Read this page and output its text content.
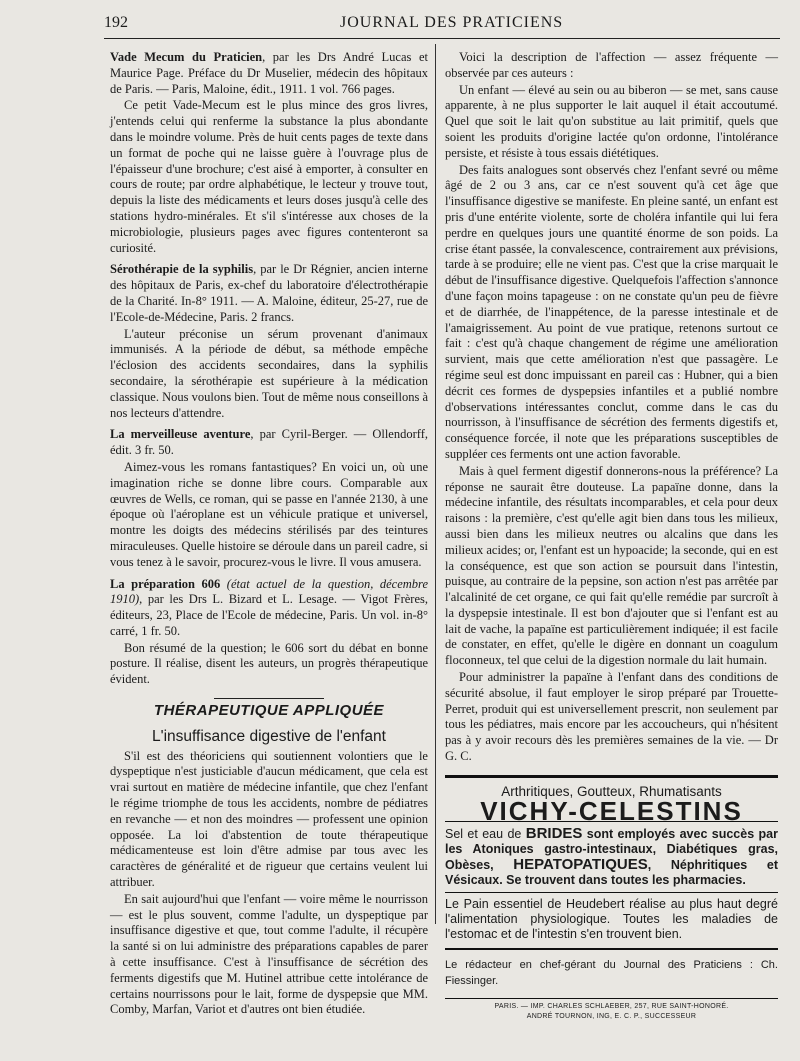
192	JOURNAL DES PRATICIENS

Vade Mecum du Praticien, par les Drs André Lucas et Maurice Page. Préface du Dr Muselier, médecin des hôpitaux de Paris. — Paris, Maloine, édit., 1911. 1 vol. 766 pages.

Ce petit Vade-Mecum est le plus mince des gros livres, j'entends celui qui renferme la substance la plus abondante dans le moindre volume. Près de huit cents pages de texte dans un format de poche qui ne laisse guère à l'ouvrage plus de l'épaisseur d'une brochure; c'est aisé à emporter, à consulter en cours de route; par ordre alphabétique, le lecteur y trouve tout, depuis la liste des médicaments et leurs doses jusqu'à celle des stations hydro-minérales. Et s'il s'intéresse aux choses de la microbiologie, plusieurs pages avec figures contenteront sa curiosité.

Sérothérapie de la syphilis, par le Dr Régnier, ancien interne des hôpitaux de Paris, ex-chef du laboratoire d'électrothérapie de la Charité. In-8° 1911. — A. Maloine, éditeur, 25-27, rue de l'Ecole-de-Médecine, Paris. 2 francs.

L'auteur préconise un sérum provenant d'animaux immunisés. A la période de début, sa méthode empêche l'éclosion des accidents secondaires, dans la syphilis secondaire, la sérothérapie est supérieure à la médication classique. Nous voulons bien. Tout de même nous conseillons à nos lecteurs d'attendre.

La merveilleuse aventure, par Cyril-Berger. — Ollendorff, édit. 3 fr. 50.

Aimez-vous les romans fantastiques? En voici un, où une imagination riche se donne libre cours. Comparable aux œuvres de Wells, ce roman, qui se passe en l'année 2130, à une époque où l'aéroplane est un véhicule pratique et universel, montre les doigts des médecins stérilisés par des teintures miraculeuses. Quelle histoire se déroule dans un pareil cadre, si vous tenez à le savoir, procurez-vous le livre. Il vous amusera.

La préparation 606 (état actuel de la question, décembre 1910), par les Drs L. Bizard et L. Lesage. — Vigot Frères, éditeurs, 23, Place de l'Ecole de médecine, Paris. Un vol. in-8° carré, 1 fr. 50.

Bon résumé de la question; le 606 sort du débat en bonne posture. Il réalise, disent les auteurs, un progrès thérapeutique évident.

THÉRAPEUTIQUE APPLIQUÉE
L'insuffisance digestive de l'enfant

S'il est des théoriciens qui soutiennent volontiers que le dyspeptique n'est justiciable d'aucun médicament, que cela est vrai surtout en matière de médecine infantile, que chez l'enfant le régime triomphe de tous les accidents, nombre de pédiatres en revanche — et non des moindres — professent une opinion opposée. La loi d'abstention de toute thérapeutique médicamenteuse est loin d'être admise par tous avec les caractères de généralité et de rigueur que certains veulent lui attribuer.

En sait aujourd'hui que l'enfant — voire même le nourrisson — est le plus souvent, comme l'adulte, un dyspeptique par insuffisance digestive et que, tout comme l'adulte, il récupère la santé si on lui administre des préparations capables de parer à cette insuffisance. C'est à l'insuffisance de sécrétion des ferments digestifs que M. Hutinel attribue cette intolérance de certains nourrissons pour le lait, forme de dyspepsie que MM. Comby, Marfan, Variot et d'autres ont bien étudiée.

Voici la description de l'affection — assez fréquente — observée par ces auteurs :

Un enfant — élevé au sein ou au biberon — se met, sans cause apparente, à ne plus supporter le lait auquel il était accoutumé. Quel que soit le lait qu'on substitue au lait primitif, quels que soient les produits d'origine lactée qu'on ordonne, l'intolérance persiste, et résiste à tous essais diététiques.

Des faits analogues sont observés chez l'enfant sevré ou même âgé de 2 ou 3 ans, car ce n'est souvent qu'à cet âge que l'insuffisance digestive se manifeste. En pleine santé, un enfant est pris d'une entérite violente, sorte de choléra infantile qui lui fera perdre en quelques jours une quantité énorme de son poids. La crise étant passée, la convalescence, contrairement aux prévisions, tarde à se produire; elle ne vient pas. C'est que la crise marquait le début de l'insuffisance digestive. Quelquefois l'affection s'annonce d'une façon moins tapageuse : on ne constate qu'un peu de fièvre et de diarrhée, de l'inappétence, de la paresse intestinale et de l'amaigrissement. Au point de vue pratique, retenons surtout ce fait : c'est qu'à chaque changement de régime une amélioration survient, mais que cette amélioration n'est que passagère. Le régime seul est donc impuissant en pareil cas : Hubner, qui a bien décrit ces formes de dyspepsies infantiles et a publié nombre d'observations intéressantes conclut, comme dans le cas du nourrisson, à l'insuffisance de sécrétion des ferments digestifs et, conséquence forcée, il note que les préparations susceptibles de suppléer ces ferments ont une action favorable.

Mais à quel ferment digestif donnerons-nous la préférence? La réponse ne saurait être douteuse. La papaïne donne, dans la médecine infantile, des résultats incomparables, et cela pour deux raisons : la première, c'est qu'elle agit bien dans tous les milieux, aussi bien dans les milieux neutres ou alcalins que dans les milieux acides; or, l'enfant est un hypoacide; la seconde, qui en est la conséquence, est que son action se poursuit dans l'intestin, puisque, au contraire de la pepsine, son action n'est pas arrêtée par l'alcalinité de cet organe, ce qui fait qu'elle remédie par surcroît à la dyspepsie intestinale. Il est bon d'ajouter que si l'enfant est au lait de vache, la papaïne est particulièrement indiquée; il est facile de constater, en effet, qu'elle le digère en donnant un coagulum floconneux, tel que celui de la digestion normale du lait humain.

Pour administrer la papaïne à l'enfant dans des conditions de sécurité absolue, il faut employer le sirop préparé par Trouette-Perret, produit qui est universellement prescrit, non seulement par tous les pédiatres, mais encore par les accoucheurs, qui n'hésitent pas à y avoir recours dès les premières semaines de la vie. — Dr G. C.

Arthritiques, Goutteux, Rhumatisants
VICHY-CELESTINS
Sel et eau de BRIDES sont employés avec succès par les Atoniques gastro-intestinaux, Diabétiques gras, Obèses, HEPATOPATIQUES, Néphritiques et Vésicaux. Se trouvent dans toutes les pharmacies.
Le Pain essentiel de Heudebert réalise au plus haut degré l'alimentation physiologique. Toutes les maladies de l'estomac et de l'intestin s'en trouvent bien.
Le rédacteur en chef-gérant du Journal des Praticiens : Ch. Fiessinger.
PARIS. — IMP. CHARLES SCHLAEBER, 257, RUE SAINT-HONORÉ.
ANDRÉ TOURNON, ING, E. C. P., SUCCESSEUR
